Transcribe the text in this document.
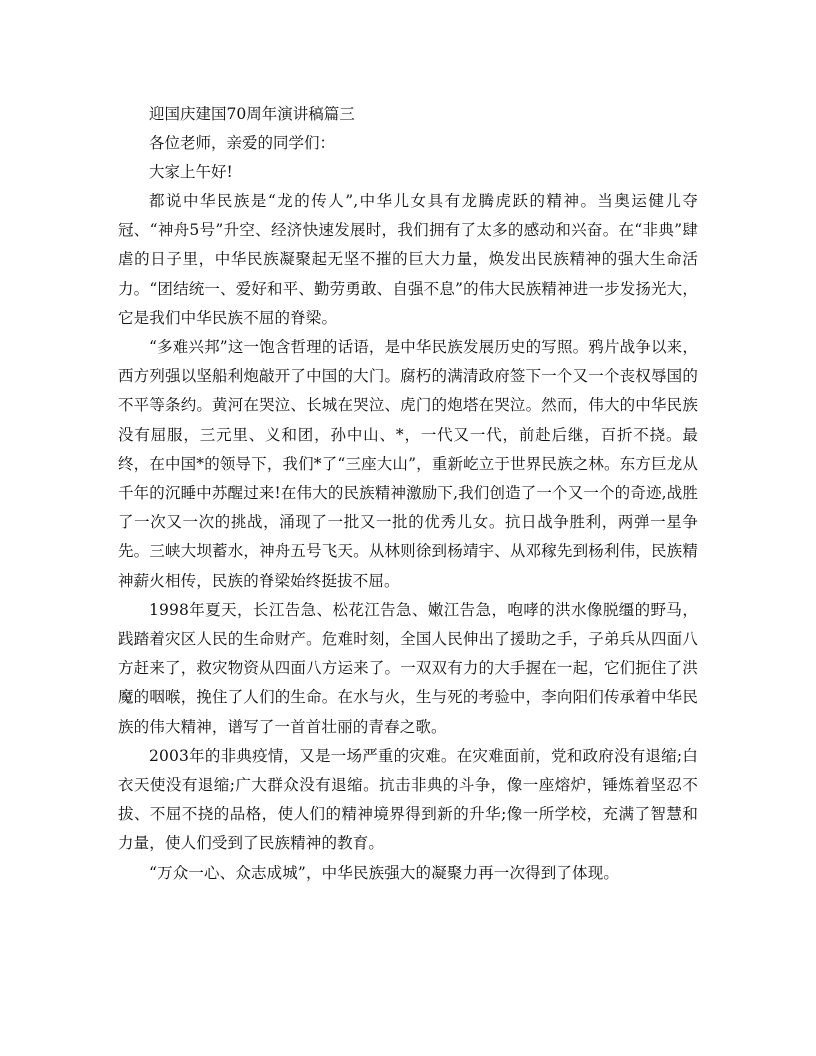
迎国庆建国70周年演讲稿篇三

各位老师，亲爱的同学们：

大家上午好!

都说中华民族是“龙的传人”,中华儿女具有龙腾虎跃的精神。当奥运健儿夺冠、“神舟5号”升空、经济快速发展时，我们拥有了太多的感动和兴奋。在“非典”肆虐的日子里，中华民族凝聚起无坚不摧的巨大力量，焕发出民族精神的强大生命活力。“团结统一、爱好和平、勤劳勇敢、自强不息”的伟大民族精神进一步发扬光大，它是我们中华民族不屈的脊梁。

“多难兴邦”这一饱含哲理的话语，是中华民族发展历史的写照。鸦片战争以来，西方列强以坚船利炮敲开了中国的大门。腐朽的满清政府签下一个又一个丧权辱国的不平等条约。黄河在哭泣、长城在哭泣、虎门的炮塔在哭泣。然而，伟大的中华民族没有屈服，三元里、义和团，孙中山、*，一代又一代，前赴后继，百折不挠。最终，在中国*的领导下，我们*了“三座大山”，重新屹立于世界民族之林。东方巨龙从千年的沉睡中苏醒过来!在伟大的民族精神激励下,我们创造了一个又一个的奇迹,战胜了一次又一次的挑战，涌现了一批又一批的优秀儿女。抗日战争胜利，两弹一星争先。三峡大坝蓄水，神舟五号飞天。从林则徐到杨靖宇、从邓稼先到杨利伟，民族精神薪火相传，民族的脊梁始终挺拔不屈。

1998年夏天，长江告急、松花江告急、嫩江告急，咆哮的洪水像脱缰的野马，践踏着灾区人民的生命财产。危难时刻，全国人民伸出了援助之手，子弟兵从四面八方赶来了，救灾物资从四面八方运来了。一双双有力的大手握在一起，它们扼住了洪魔的咽喉，挽住了人们的生命。在水与火，生与死的考验中，李向阳们传承着中华民族的伟大精神，谱写了一首首壮丽的青春之歌。

2003年的非典疫情，又是一场严重的灾难。在灾难面前，党和政府没有退缩;白衣天使没有退缩;广大群众没有退缩。抗击非典的斗争，像一座熔炉，锤炼着坚忍不拔、不屈不挠的品格，使人们的精神境界得到新的升华;像一所学校，充满了智慧和力量，使人们受到了民族精神的教育。

“万众一心、众志成城”，中华民族强大的凝聚力再一次得到了体现。
